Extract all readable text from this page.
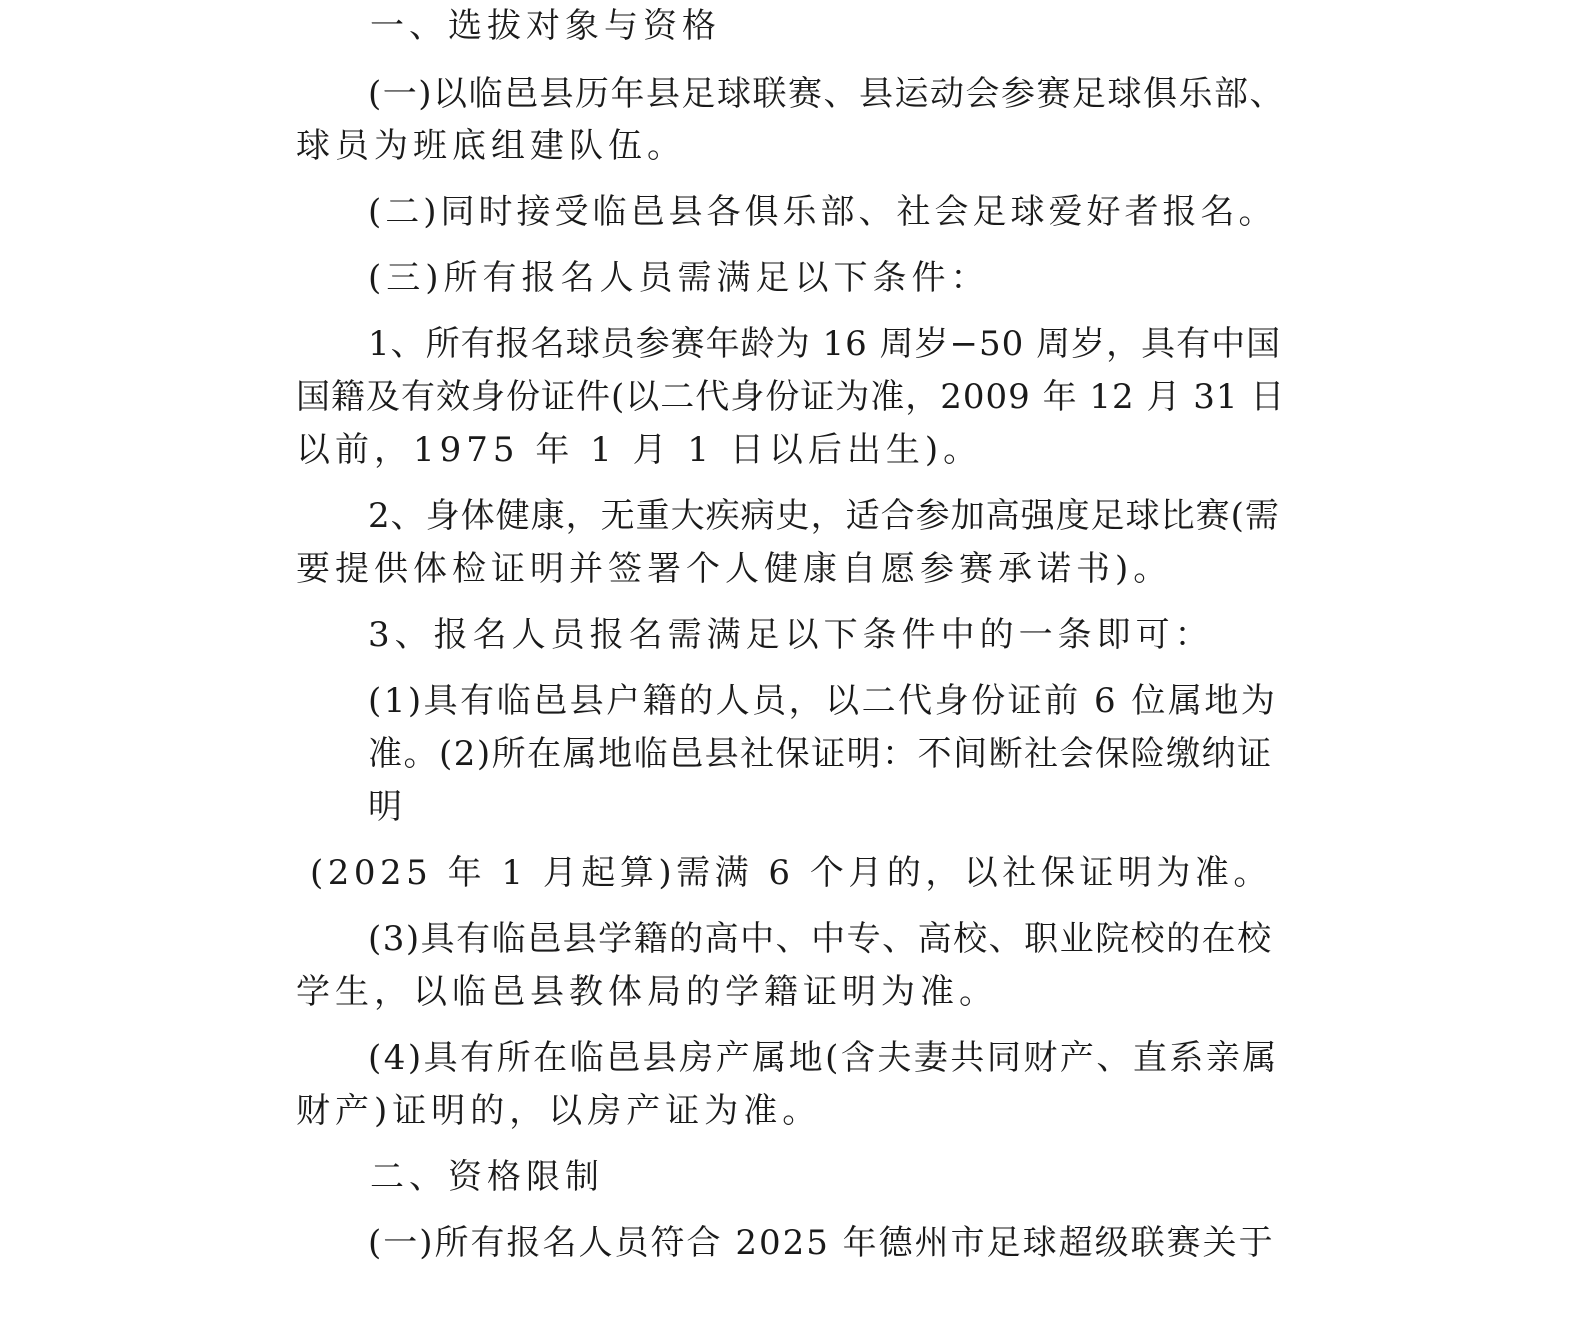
一、选拔对象与资格

(一)以临邑县历年县足球联赛、县运动会参赛足球俱乐部、

球员为班底组建队伍。

(二)同时接受临邑县各俱乐部、社会足球爱好者报名。

(三)所有报名人员需满足以下条件：

1、所有报名球员参赛年龄为 16 周岁−50 周岁，具有中国

国籍及有效身份证件(以二代身份证为准，2009 年 12 月 31 日

以前，1975 年 1 月 1 日以后出生)。

2、身体健康，无重大疾病史，适合参加高强度足球比赛(需

要提供体检证明并签署个人健康自愿参赛承诺书)。

3、报名人员报名需满足以下条件中的一条即可：

(1)具有临邑县户籍的人员，以二代身份证前 6 位属地为

准。(2)所在属地临邑县社保证明：不间断社会保险缴纳证

明

(2025 年 1 月起算)需满 6 个月的，以社保证明为准。

(3)具有临邑县学籍的高中、中专、高校、职业院校的在校

学生，以临邑县教体局的学籍证明为准。

(4)具有所在临邑县房产属地(含夫妻共同财产、直系亲属

财产)证明的，以房产证为准。

二、资格限制

(一)所有报名人员符合 2025 年德州市足球超级联赛关于
